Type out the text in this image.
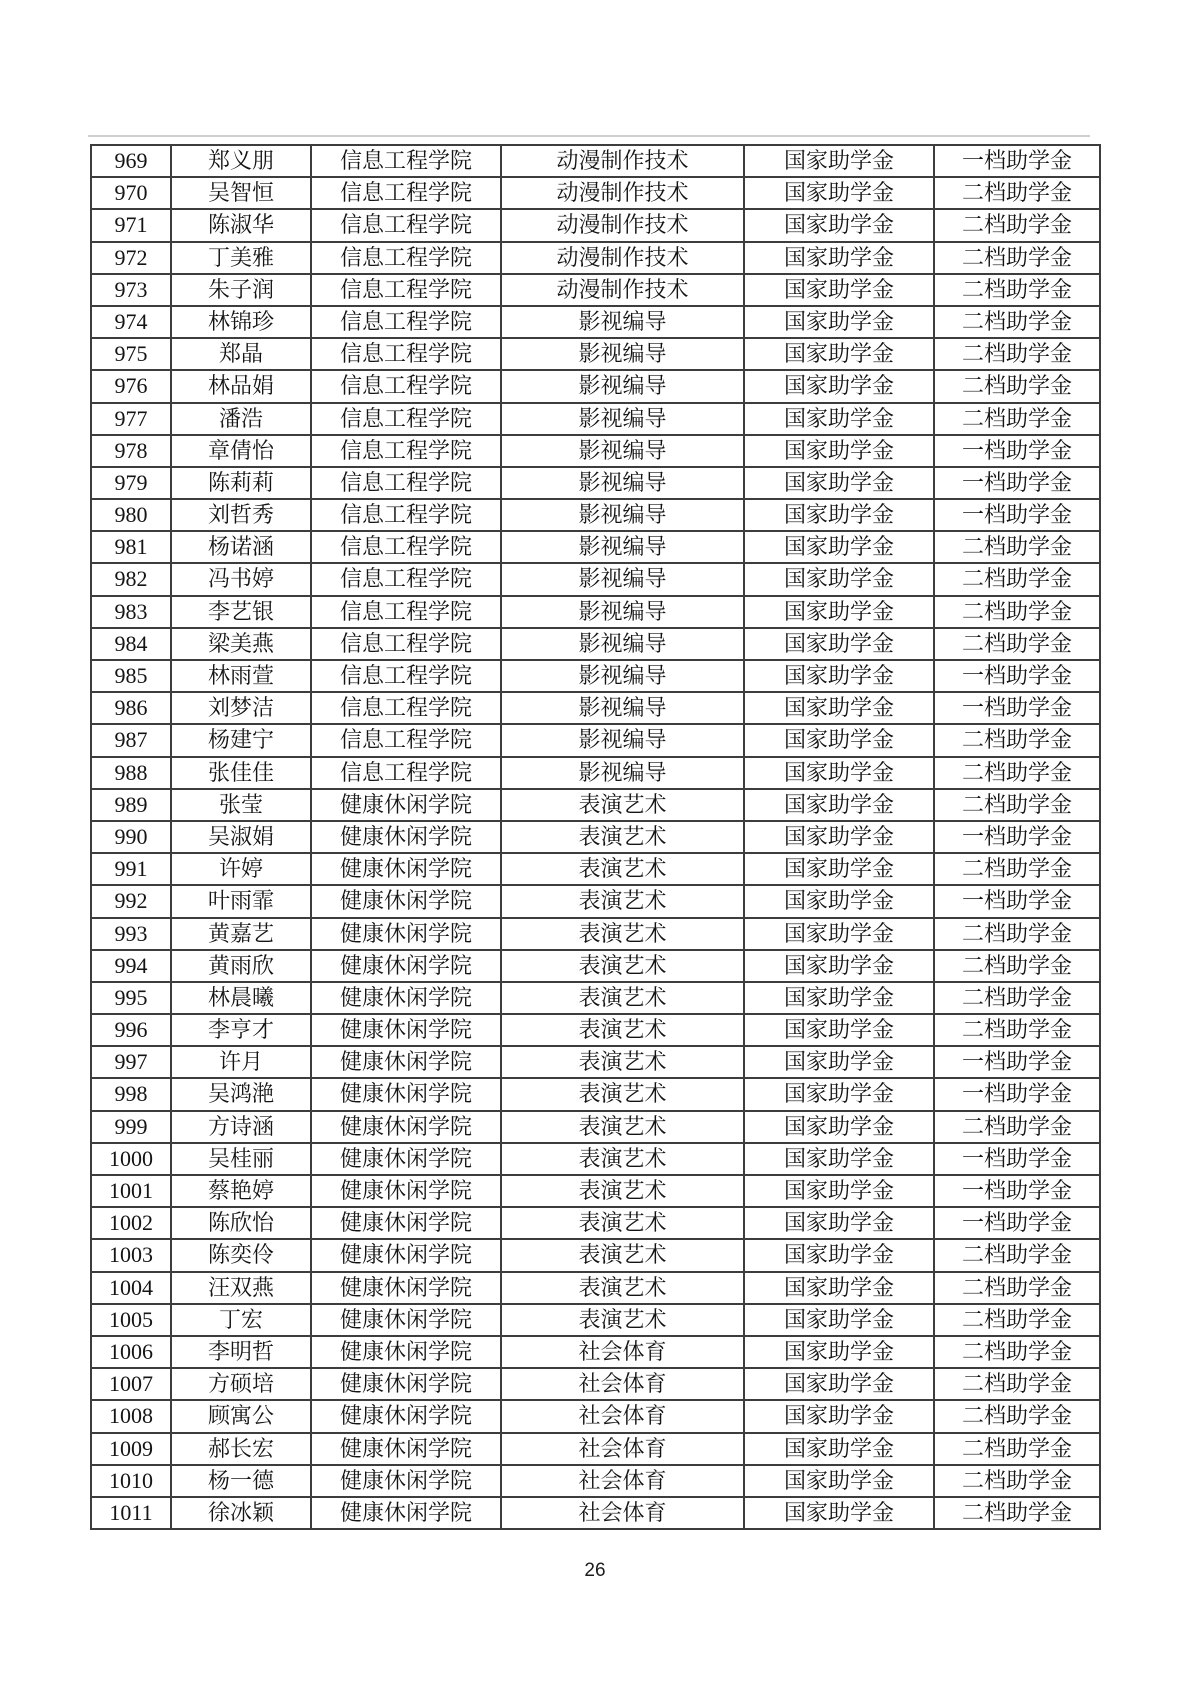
969	郑义朋	信息工程学院	动漫制作技术	国家助学金	一档助学金
970	吴智恒	信息工程学院	动漫制作技术	国家助学金	二档助学金
971	陈淑华	信息工程学院	动漫制作技术	国家助学金	二档助学金
972	丁美雅	信息工程学院	动漫制作技术	国家助学金	二档助学金
973	朱子润	信息工程学院	动漫制作技术	国家助学金	二档助学金
974	林锦珍	信息工程学院	影视编导	国家助学金	二档助学金
975	郑晶	信息工程学院	影视编导	国家助学金	二档助学金
976	林品娟	信息工程学院	影视编导	国家助学金	二档助学金
977	潘浩	信息工程学院	影视编导	国家助学金	二档助学金
978	章倩怡	信息工程学院	影视编导	国家助学金	一档助学金
979	陈莉莉	信息工程学院	影视编导	国家助学金	一档助学金
980	刘哲秀	信息工程学院	影视编导	国家助学金	一档助学金
981	杨诺涵	信息工程学院	影视编导	国家助学金	二档助学金
982	冯书婷	信息工程学院	影视编导	国家助学金	二档助学金
983	李艺银	信息工程学院	影视编导	国家助学金	二档助学金
984	梁美燕	信息工程学院	影视编导	国家助学金	二档助学金
985	林雨萱	信息工程学院	影视编导	国家助学金	一档助学金
986	刘梦洁	信息工程学院	影视编导	国家助学金	一档助学金
987	杨建宁	信息工程学院	影视编导	国家助学金	二档助学金
988	张佳佳	信息工程学院	影视编导	国家助学金	二档助学金
989	张莹	健康休闲学院	表演艺术	国家助学金	二档助学金
990	吴淑娟	健康休闲学院	表演艺术	国家助学金	一档助学金
991	许婷	健康休闲学院	表演艺术	国家助学金	二档助学金
992	叶雨霏	健康休闲学院	表演艺术	国家助学金	一档助学金
993	黄嘉艺	健康休闲学院	表演艺术	国家助学金	二档助学金
994	黄雨欣	健康休闲学院	表演艺术	国家助学金	二档助学金
995	林晨曦	健康休闲学院	表演艺术	国家助学金	二档助学金
996	李亨才	健康休闲学院	表演艺术	国家助学金	二档助学金
997	许月	健康休闲学院	表演艺术	国家助学金	一档助学金
998	吴鸿滟	健康休闲学院	表演艺术	国家助学金	一档助学金
999	方诗涵	健康休闲学院	表演艺术	国家助学金	二档助学金
1000	吴桂丽	健康休闲学院	表演艺术	国家助学金	一档助学金
1001	蔡艳婷	健康休闲学院	表演艺术	国家助学金	一档助学金
1002	陈欣怡	健康休闲学院	表演艺术	国家助学金	一档助学金
1003	陈奕伶	健康休闲学院	表演艺术	国家助学金	二档助学金
1004	汪双燕	健康休闲学院	表演艺术	国家助学金	二档助学金
1005	丁宏	健康休闲学院	表演艺术	国家助学金	二档助学金
1006	李明哲	健康休闲学院	社会体育	国家助学金	二档助学金
1007	方硕培	健康休闲学院	社会体育	国家助学金	二档助学金
1008	顾寓公	健康休闲学院	社会体育	国家助学金	二档助学金
1009	郝长宏	健康休闲学院	社会体育	国家助学金	二档助学金
1010	杨一德	健康休闲学院	社会体育	国家助学金	二档助学金
1011	徐冰颖	健康休闲学院	社会体育	国家助学金	二档助学金
26
